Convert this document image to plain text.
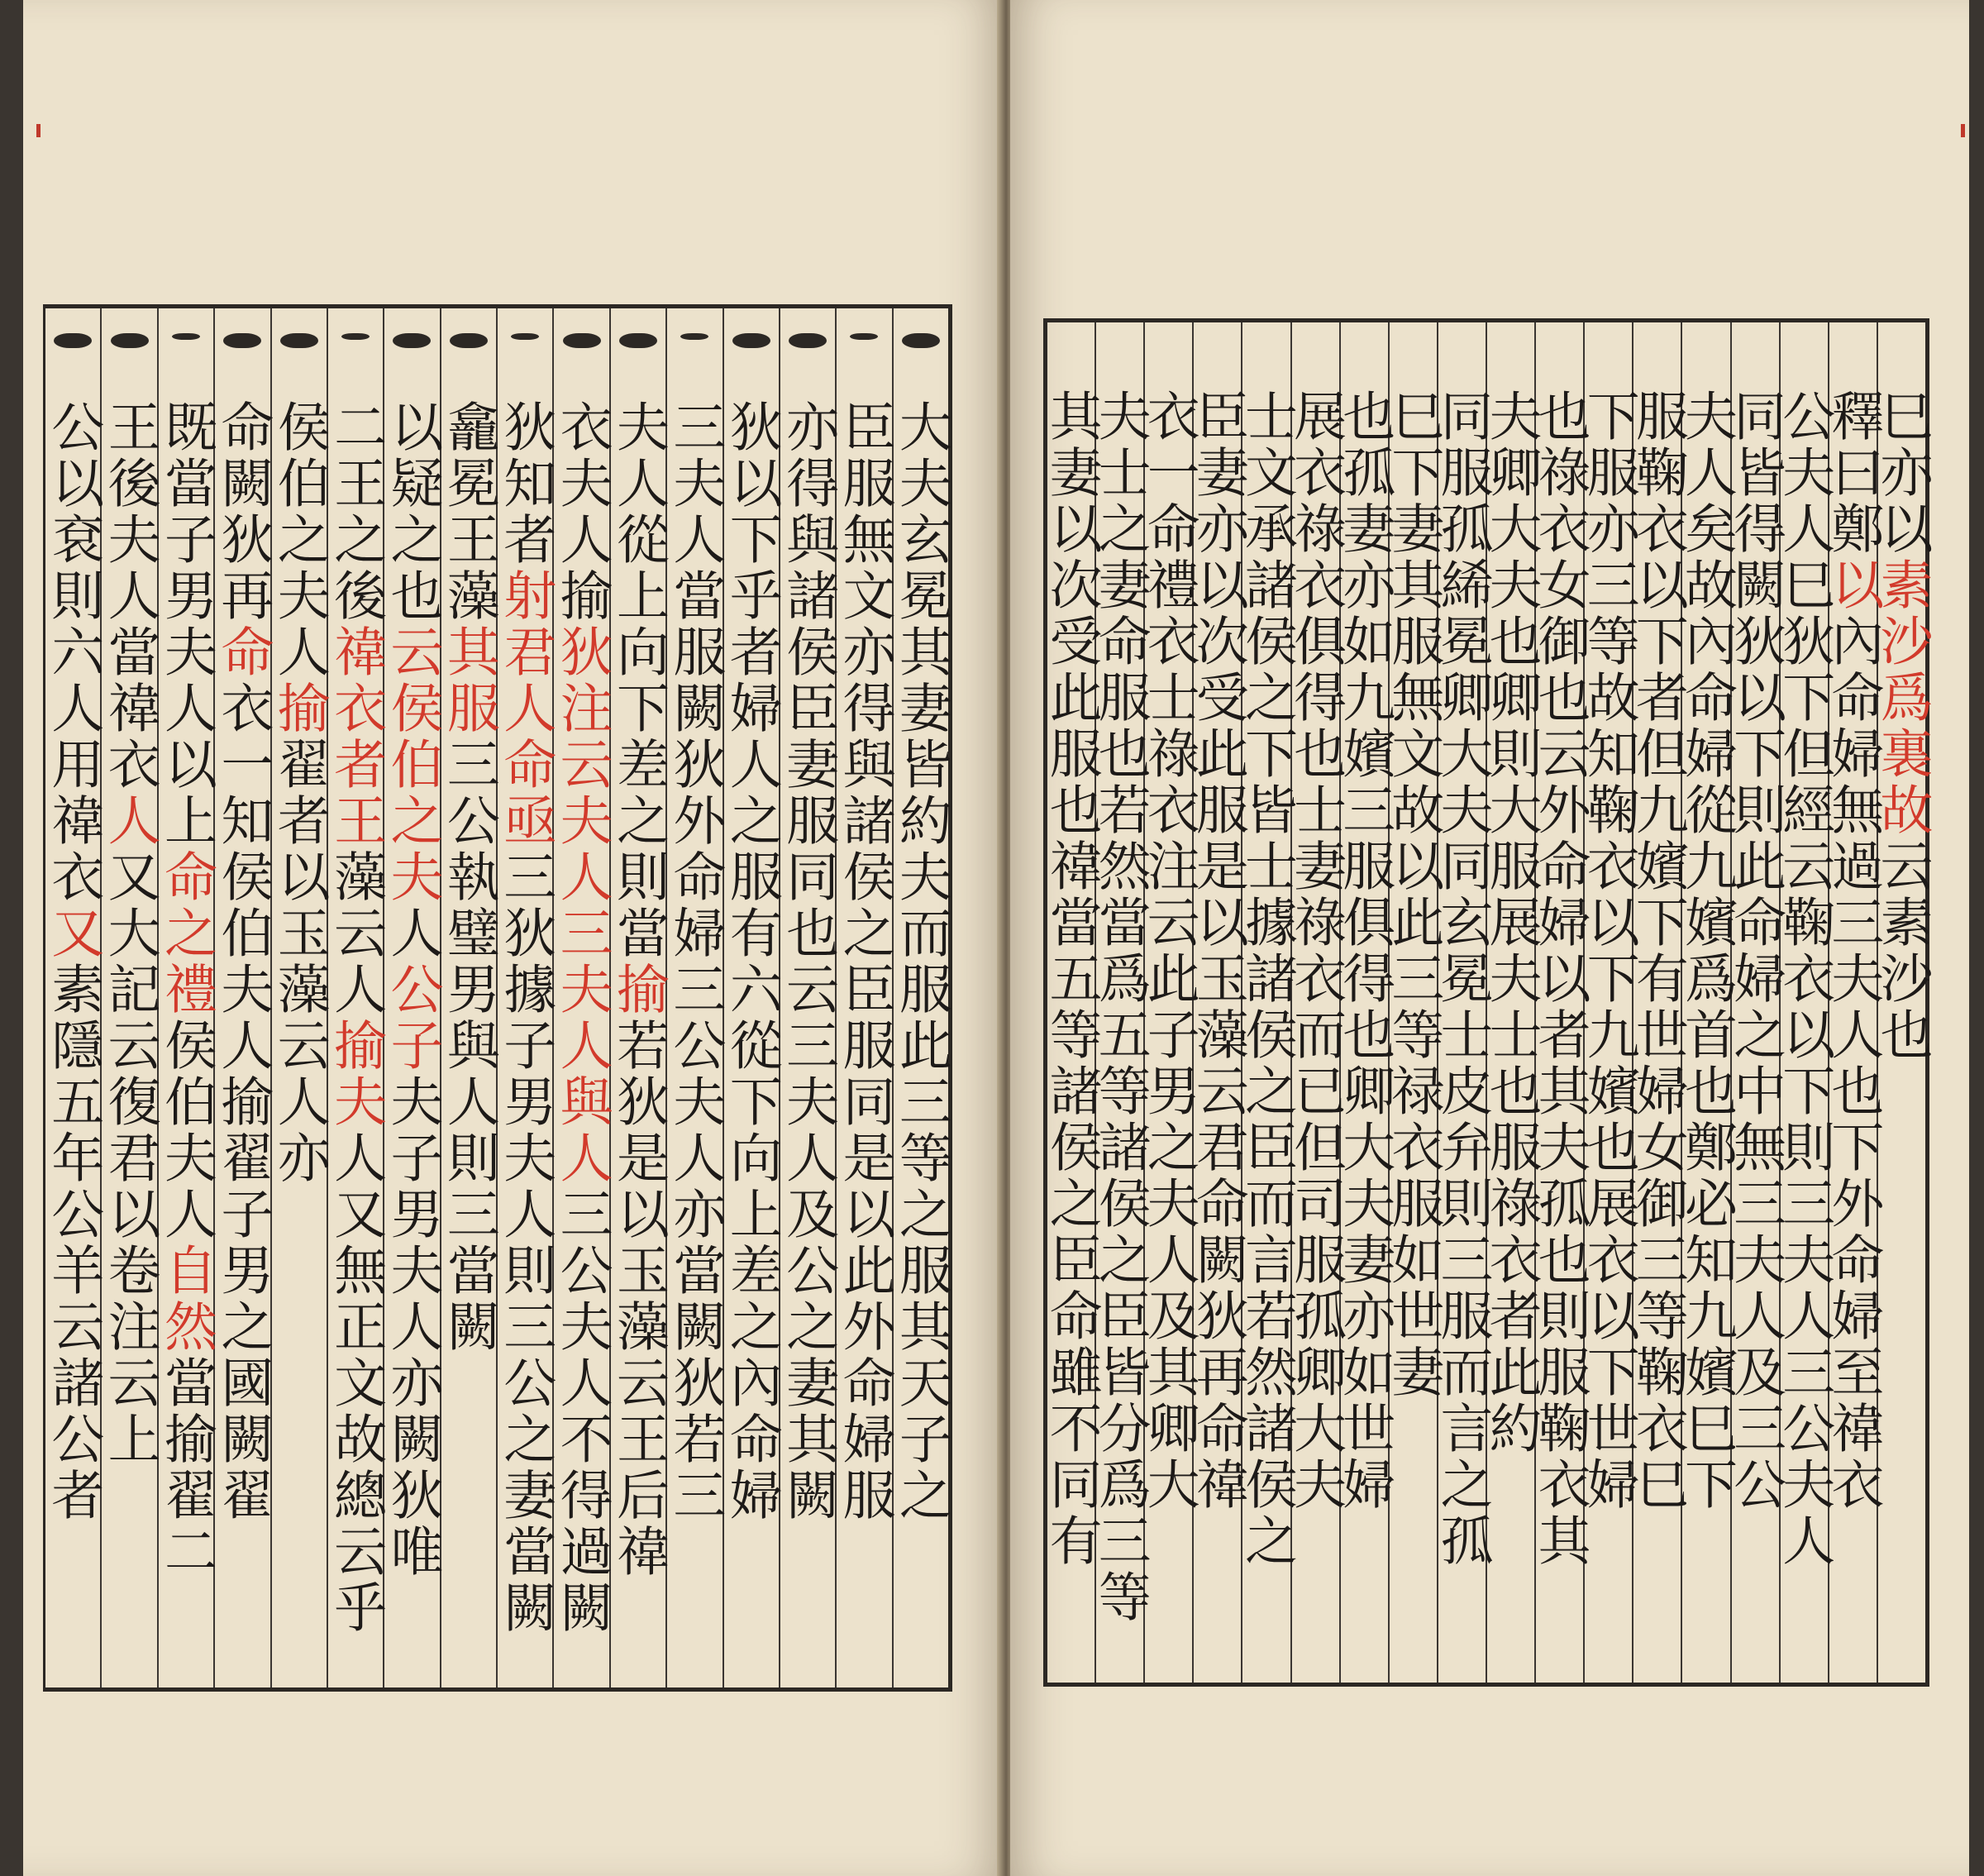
大夫玄冕其妻皆約夫而服此三等之服其天子之
臣服無文亦得與諸侯之臣服同是以此外命婦服
亦得與諸侯臣妻服同也
云三夫人及公之妻其闕
狄以下乎者婦人之服有六從下向上差之內命婦
三夫人當服闕狄外命婦三公夫人亦當闕狄若三
夫人從上向下差之則當
揄
若狄是以玉藻云王后禕
衣夫人揄
狄注云夫人三夫人與人
三公夫人不得過闕
狄知者
射君人命亟
三狄據子男夫人則三公之妻當闕
龕冕王藻
其服
三公執璧男與人則三當闕
以疑之也
云侯伯之夫
人
公子
夫子男夫人亦闕狄唯
二王之後
禕衣者王
藻云人
揄夫
人又無正文故總云乎
侯伯之夫人
揄
翟者以玉藻云人亦
命闕狄再
命
衣一知侯伯夫人揄翟子男之國闕翟
既當子男夫人以上
命之禮
侯伯夫人
自然
當揄翟二
王後夫人當禕衣
人
又大記云復君以卷注云上
公以袞則六人用禕衣
又
素隱五年公羊云諸公者
巳亦以
素沙爲裏故
云素沙也
釋曰鄭
以
內命婦無過三夫人也
下外命婦至禕衣
公夫人巳狄下但經云鞠衣以下則三夫人三公夫人
同皆得闕狄以下則此命婦之中無三夫人及三公
夫人矣故內命婦從九嬪爲首也鄭必知九嬪巳下
服鞠衣以下者但九嬪下有世婦女御三等鞠衣巳
下服亦三等故知鞠衣以下九嬪也展衣以下世婦
也祿衣女御也云外命婦以者其夫孤也則服鞠衣其
夫卿大夫也卿則大服展夫士也服祿衣者此約
同服孤絺冕卿大夫同玄冕士皮弁則三服而言之孤
巳下妻其服無文故以此三等禄衣服如世妻
也孤妻亦如九嬪三服俱得也卿大夫妻亦如世婦
展衣祿衣俱得也士妻祿衣而已但司服孤卿大夫
士文承諸侯之下皆士據諸侯之臣而言若然諸侯之
臣妻亦以次受此服是以玉藻云君命闕狄再命禕
衣一命禮衣士祿衣注云此子男之夫人及其卿大
夫士之妻命服也若然當爲五等諸侯之臣皆分爲三等
其妻以次受此服也禕當五等諸侯之臣命雖不同有
